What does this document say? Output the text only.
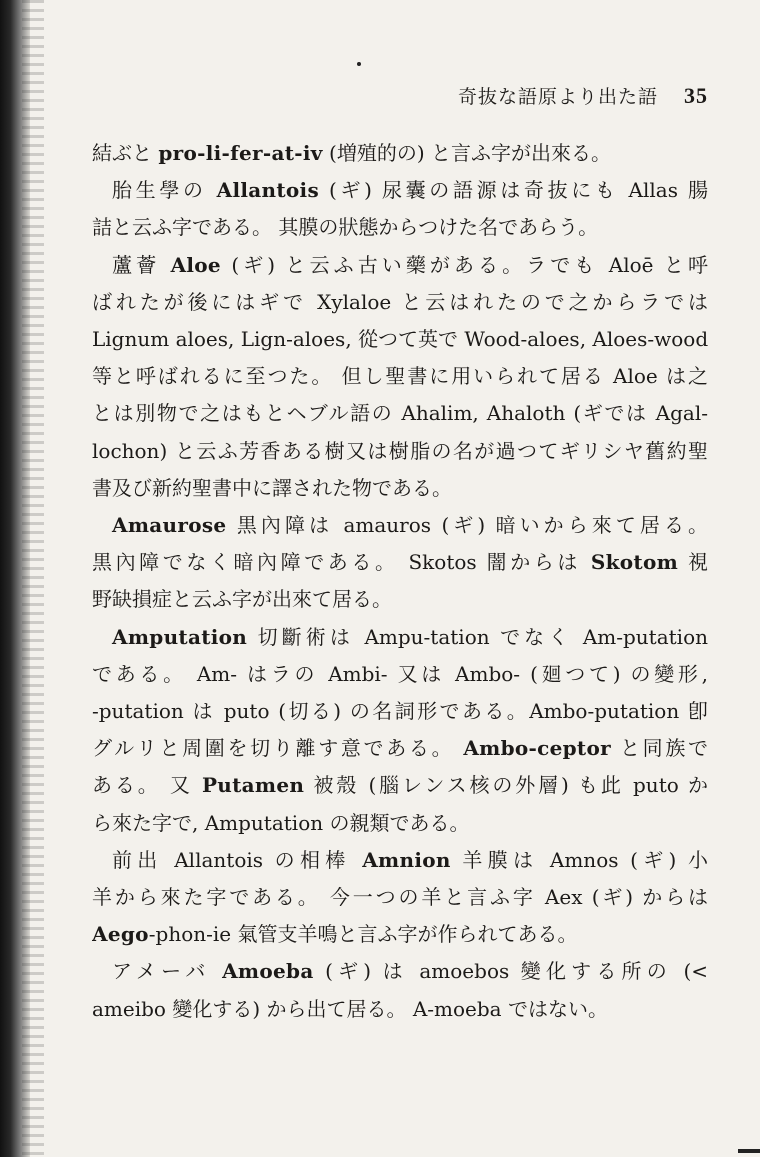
奇抜な語原より出た語 35
結ぶと pro-li-fer-at-iv (増殖的の) と言ふ字が出來る。
胎生學の Allantois (ギ) 尿囊の語源は奇抜にも Allas 腸
詰と云ふ字である。 其膜の狀態からつけた名であらう。
蘆薈 Aloe (ギ) と云ふ古い藥がある。ラでも Aloē と呼
ばれたが後にはギで Xylaloe と云はれたので之からラでは
Lignum aloes, Lign-aloes, 從つて英で Wood-aloes, Aloes-wood
等と呼ばれるに至つた。 但し聖書に用いられて居る Aloe は之
とは別物で之はもとヘブル語の Ahalim, Ahaloth (ギでは Agal-
lochon) と云ふ芳香ある樹又は樹脂の名が過つてギリシヤ舊約聖
書及び新約聖書中に譯された物である。
Amaurose 黒內障は amauros (ギ) 暗いから來て居る。
黒內障でなく暗內障である。 Skotos 闇からは Skotom 視
野缺損症と云ふ字が出來て居る。
Amputation 切斷術は Ampu-tation でなく Am-putation
である。 Am- はラの Ambi- 又は Ambo- (廻つて) の變形,
-putation は puto (切る) の名詞形である。Ambo-putation 卽
グルリと周圍を切り離す意である。 Ambo-ceptor と同族で
ある。 又 Putamen 被殼 (腦レンス核の外層) も此 puto か
ら來た字で, Amputation の親類である。
前出 Allantois の相棒 Amnion 羊膜は Amnos (ギ) 小
羊から來た字である。 今一つの羊と言ふ字 Aex (ギ) からは
Aego-phon-ie 氣管支羊鳴と言ふ字が作られてある。
アメーバ Amoeba (ギ) は amoebos 變化する所の (<
ameibo 變化する) から出て居る。 A-moeba ではない。
